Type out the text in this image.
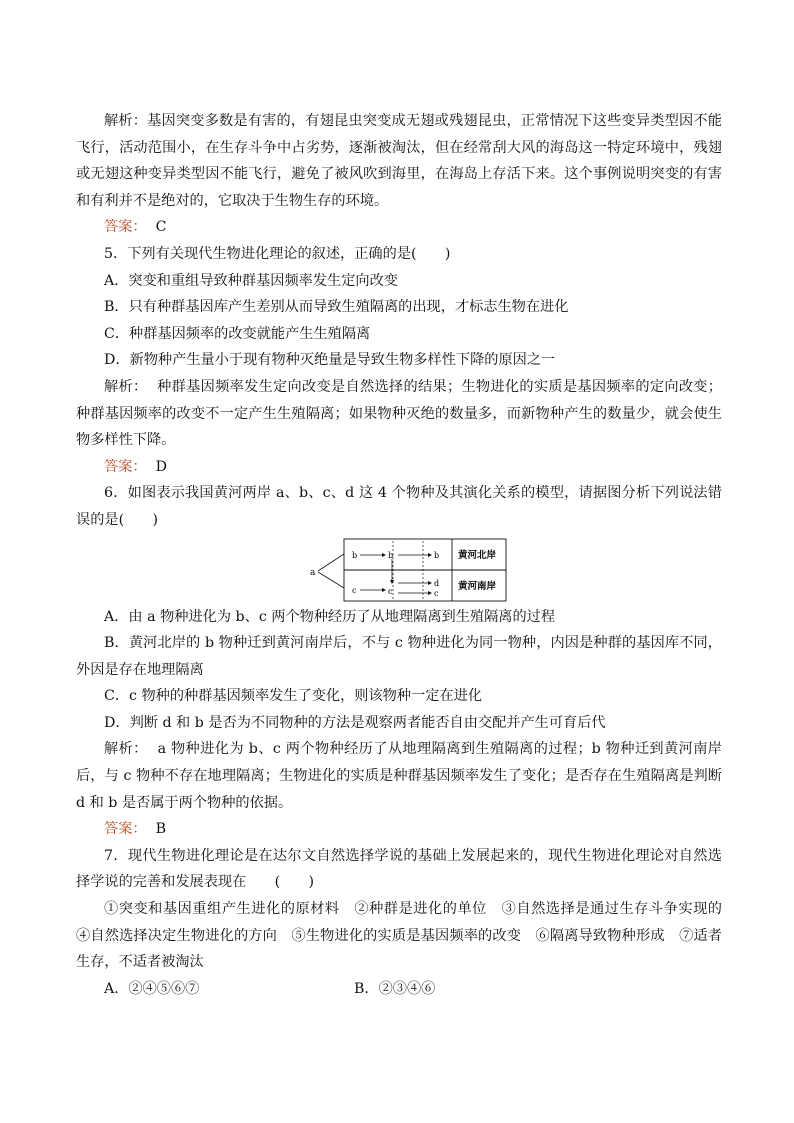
解析：基因突变多数是有害的，有翅昆虫突变成无翅或残翅昆虫，正常情况下这些变异类型因不能飞行，活动范围小，在生存斗争中占劣势，逐渐被淘汰，但在经常刮大风的海岛这一特定环境中，残翅或无翅这种变异类型因不能飞行，避免了被风吹到海里，在海岛上存活下来。这个事例说明突变的有害和有利并不是绝对的，它取决于生物生存的环境。

答案： C

5．下列有关现代生物进化理论的叙述，正确的是(　　)

A．突变和重组导致种群基因频率发生定向改变

B．只有种群基因库产生差别从而导致生殖隔离的出现，才标志生物在进化

C．种群基因频率的改变就能产生生殖隔离

D．新物种产生量小于现有物种灭绝量是导致生物多样性下降的原因之一

解析： 种群基因频率发生定向改变是自然选择的结果；生物进化的实质是基因频率的定向改变；种群基因频率的改变不一定产生生殖隔离；如果物种灭绝的数量多，而新物种产生的数量少，就会使生物多样性下降。

答案： D

6．如图表示我国黄河两岸 a、b、c、d 这 4 个物种及其演化关系的模型，请据图分析下列说法错误的是(　　)

a
b	b	b
c	c
d
c
黄河北岸
黄河南岸

A．由 a 物种进化为 b、c 两个物种经历了从地理隔离到生殖隔离的过程

B．黄河北岸的 b 物种迁到黄河南岸后，不与 c 物种进化为同一物种，内因是种群的基因库不同，外因是存在地理隔离

C．c 物种的种群基因频率发生了变化，则该物种一定在进化

D．判断 d 和 b 是否为不同物种的方法是观察两者能否自由交配并产生可育后代

解析： a 物种进化为 b、c 两个物种经历了从地理隔离到生殖隔离的过程；b 物种迁到黄河南岸后，与 c 物种不存在地理隔离；生物进化的实质是种群基因频率发生了变化；是否存在生殖隔离是判断 d 和 b 是否属于两个物种的依据。

答案： B

7．现代生物进化理论是在达尔文自然选择学说的基础上发展起来的，现代生物进化理论对自然选择学说的完善和发展表现在　　(　　)

①突变和基因重组产生进化的原材料　②种群是进化的单位　③自然选择是通过生存斗争实现的　④自然选择决定生物进化的方向　⑤生物进化的实质是基因频率的改变　⑥隔离导致物种形成　⑦适者生存，不适者被淘汰

A．②④⑤⑥⑦	B．②③④⑥
